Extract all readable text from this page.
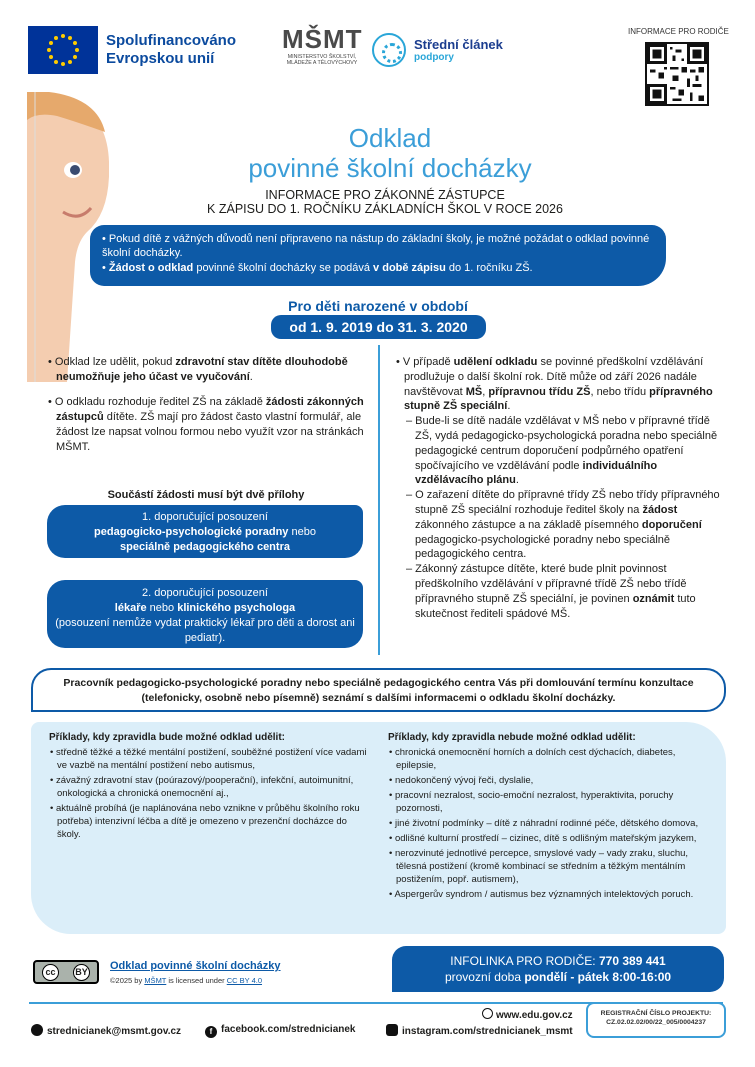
Spolufinancováno
Evropskou unií
MŠMT
MINISTERSTVO ŠKOLSTVÍ,
MLÁDEŽE A TĚLOVÝCHOVY
Střední článek
podpory
INFORMACE PRO RODIČE
Odklad
povinné školní docházky
INFORMACE PRO ZÁKONNÉ ZÁSTUPCE
K ZÁPISU DO 1. ROČNÍKU ZÁKLADNÍCH ŠKOL V ROCE 2026

• Pokud dítě z vážných důvodů není připraveno na nástup do základní školy, je možné požádat o odklad povinné školní docházky.

• Žádost o odklad povinné školní docházky se podává v době zápisu do 1. ročníku ZŠ.

Pro děti narozené v období
od 1. 9. 2019 do 31. 3. 2020
• Odklad lze udělit, pokud zdravotní stav dítěte dlouhodobě neumožňuje jeho účast ve vyučování.
• O odkladu rozhoduje ředitel ZŠ na základě žádosti zákonných zástupců dítěte. ZŠ mají pro žádost často vlastní formulář, ale žádost lze napsat volnou formou nebo využít vzor na stránkách MŠMT.
Součástí žádosti musí být dvě přílohy
1. doporučující posouzení
pedagogicko-psychologické poradny nebo
speciálně pedagogického centra
2. doporučující posouzení
lékaře nebo klinického psychologa
(posouzení nemůže vydat praktický lékař pro děti a dorost ani pediatr).
• V případě udělení odkladu se povinné předškolní vzdělávání prodlužuje o další školní rok. Dítě může od září 2026 nadále navštěvovat MŠ, přípravnou třídu ZŠ, nebo třídu přípravného stupně ZŠ speciální.
– Bude-li se dítě nadále vzdělávat v MŠ nebo v přípravné třídě ZŠ, vydá pedagogicko-psychologická poradna nebo speciálně pedagogické centrum doporučení podpůrného opatření spočívajícího ve vzdělávání podle individuálního vzdělávacího plánu.
– O zařazení dítěte do přípravné třídy ZŠ nebo třídy přípravného stupně ZŠ speciální rozhoduje ředitel školy na žádost zákonného zástupce a na základě písemného doporučení pedagogicko-psychologické poradny nebo speciálně pedagogického centra.
– Zákonný zástupce dítěte, které bude plnit povinnost předškolního vzdělávání v přípravné třídě ZŠ nebo třídě přípravného stupně ZŠ speciální, je povinen oznámit tuto skutečnost řediteli spádové MŠ.
Pracovník pedagogicko-psychologické poradny nebo speciálně pedagogického centra Vás při domlouvání termínu konzultace
(telefonicky, osobně nebo písemně) seznámí s dalšími informacemi o odkladu školní docházky.
Příklady, kdy zpravidla bude možné odklad udělit:
• středně těžké a těžké mentální postižení, souběžné postižení více vadami ve vazbě na mentální postižení nebo autismus,
• závažný zdravotní stav (poúrazový/pooperační), infekční, autoimunitní, onkologická a chronická onemocnění aj.,
• aktuálně probíhá (je naplánována nebo vznikne v průběhu školního roku potřeba) intenzivní léčba a dítě je omezeno v prezenční docházce do školy.
Příklady, kdy zpravidla nebude možné odklad udělit:
• chronická onemocnění horních a dolních cest dýchacích, diabetes, epilepsie,
• nedokončený vývoj řeči, dyslalie,
• pracovní nezralost, socio-emoční nezralost, hyperaktivita, poruchy pozornosti,
• jiné životní podmínky – dítě z náhradní rodinné péče, dětského domova,
• odlišné kulturní prostředí – cizinec, dítě s odlišným mateřským jazykem,
• nerozvinuté jednotlivé percepce, smyslové vady – vady zraku, sluchu, tělesná postižení (kromě kombinací se středním a těžkým mentálním postižením, popř. autismem),
• Aspergerův syndrom / autismus bez významných intelektových poruch.
cc	BY Odklad povinné školní docházky
©2025 by MŠMT is licensed under CC BY 4.0
INFOLINKA PRO RODIČE: 770 389 441
provozní doba pondělí - pátek 8:00-16:00
www.edu.gov.cz	REGISTRAČNÍ ČÍSLO PROJEKTU:
CZ.02.02.02/00/22_005/0004237
strednicianek@msmt.gov.cz	f facebook.com/strednicianek	instagram.com/strednicianek_msmt
